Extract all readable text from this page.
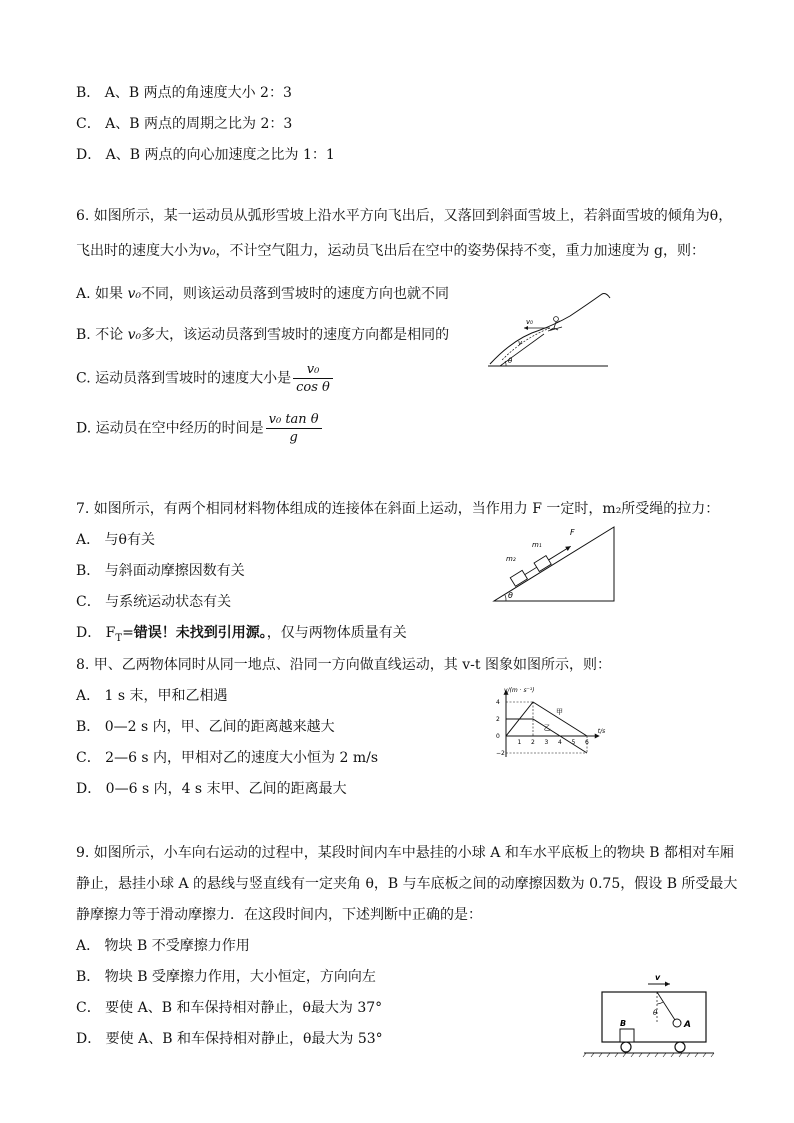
B． A、B 两点的角速度大小 2：3
C． A、B 两点的周期之比为 2：3
D． A、B 两点的向心加速度之比为 1：1
6. 如图所示，某一运动员从弧形雪坡上沿水平方向飞出后，又落回到斜面雪坡上，若斜面雪坡的倾角为θ，
飞出时的速度大小为v₀，不计空气阻力，运动员飞出后在空中的姿势保持不变，重力加速度为 g，则：
A. 如果 v₀不同，则该运动员落到雪坡时的速度方向也就不同
B. 不论 v₀多大，该运动员落到雪坡时的速度方向都是相同的
C. 运动员落到雪坡时的速度大小是 $\frac{\text{v₀}}{\text{cos θ}}$
D. 运动员在空中经历的时间是 $\frac{\text{v₀ tan θ}}{g}$
v₀
v
θ
7. 如图所示，有两个相同材料物体组成的连接体在斜面上运动，当作用力 F 一定时，m₂所受绳的拉力：
A． 与θ有关
B． 与斜面动摩擦因数有关
C． 与系统运动状态有关
D． $F_T=$错误！未找到引用源。，仅与两物体质量有关
θ
m₂
m₁
F
8. 甲、乙两物体同时从同一地点、沿同一方向做直线运动，其 v-t 图象如图所示，则：
A． 1 s 末，甲和乙相遇
B． 0—2 s 内，甲、乙间的距离越来越大
C． 2—6 s 内，甲相对乙的速度大小恒为 2 m/s
D． 0—6 s 内，4 s 末甲、乙间的距离最大
1 2 3 4 5 6
4
2
0
−2
甲
乙
v/(m · s⁻¹)
t/s
9. 如图所示，小车向右运动的过程中，某段时间内车中悬挂的小球 A 和车水平底板上的物块 B 都相对车厢
静止，悬挂小球 A 的悬线与竖直线有一定夹角 θ，B 与车底板之间的动摩擦因数为 0.75，假设 B 所受最大
静摩擦力等于滑动摩擦力．在这段时间内，下述判断中正确的是：
A． 物块 B 不受摩擦力作用
B． 物块 B 受摩擦力作用，大小恒定，方向向左
C． 要使 A、B 和车保持相对静止，θ最大为 37°
D． 要使 A、B 和车保持相对静止，θ最大为 53°
v
A
B
θ
